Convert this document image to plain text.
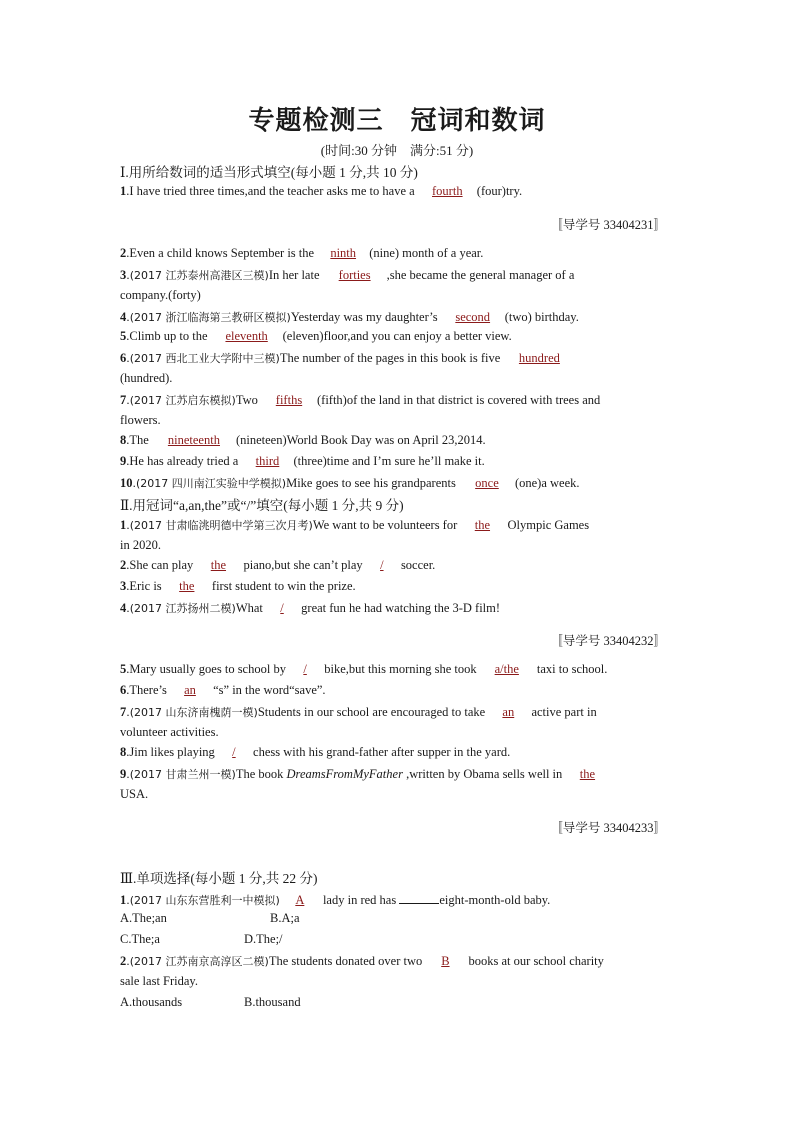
专题检测三　冠词和数词
(时间:30 分钟　满分:51 分)
Ⅰ.用所给数词的适当形式填空(每小题 1 分,共 10 分)
1.I have tried three times,and the teacher asks me to have a fourth (four)try.
〚导学号 33404231〛
2.Even a child knows September is the ninth (nine) month of a year.
3.(2017 江苏泰州高港区三模)In her late forties ,she became the general manager of a
company.(forty)
4.(2017 浙江临海第三教研区模拟)Yesterday was my daughter’s second (two) birthday.
5.Climb up to the eleventh (eleven)floor,and you can enjoy a better view.
6.(2017 西北工业大学附中三模)The number of the pages in this book is five hundred
(hundred).
7.(2017 江苏启东模拟)Two fifths (fifth)of the land in that district is covered with trees and
flowers.
8.The nineteenth (nineteen)World Book Day was on April 23,2014.
9.He has already tried a third (three)time and I’m sure he’ll make it.
10.(2017 四川南江实验中学模拟)Mike goes to see his grandparents once (one)a week.
Ⅱ.用冠词“a,an,the”或“/”填空(每小题 1 分,共 9 分)
1.(2017 甘肃临洮明德中学第三次月考)We want to be volunteers for the Olympic Games
in 2020.
2.She can play the piano,but she can’t play / soccer.
3.Eric is the first student to win the prize.
4.(2017 江苏扬州二模)What / great fun he had watching the 3-D film!
〚导学号 33404232〛
5.Mary usually goes to school by / bike,but this morning she took a/the taxi to school.
6.There’s an “s” in the word“save”.
7.(2017 山东济南槐荫一模)Students in our school are encouraged to take an active part in
volunteer activities.
8.Jim likes playing / chess with his grand-father after supper in the yard.
9.(2017 甘肃兰州一模)The book DreamsFromMyFather ,written by Obama sells well in the
USA.
〚导学号 33404233〛
Ⅲ.单项选择(每小题 1 分,共 22 分)
1.(2017 山东东营胜利一中模拟) A lady in red has	eight-month-old baby.
A.The;an	B.A;a
C.The;a	D.The;/
2.(2017 江苏南京高淳区二模)The students donated over two B books at our school charity
sale last Friday.
A.thousands	B.thousand
